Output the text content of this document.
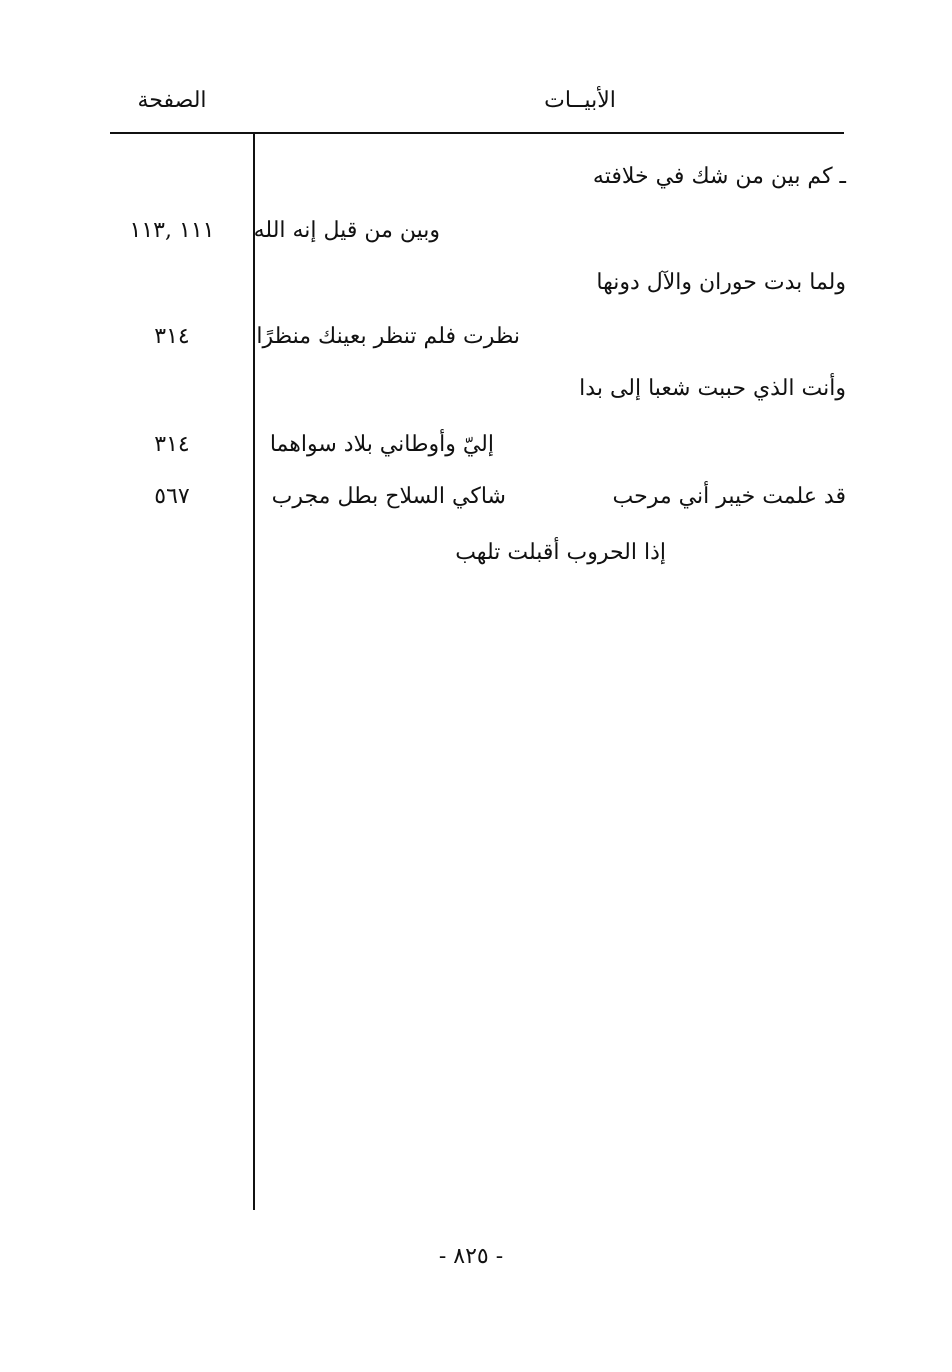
الأبيــات
الصفحة
ـ كم بين من شك في خلافته
وبين من قيل إنه الله
١١١ ,١١٣
ولما بدت حوران والآل دونها
نظرت فلم تنظر بعينك منظرًا
٣١٤
وأنت الذي حببت شعبا إلى بدا
إليّ وأوطاني بلاد سواهما
٣١٤
قد علمت خيبر أني مرحب
شاكي السلاح بطل مجرب
٥٦٧
إذا الحروب أقبلت تلهب
- ٨٢٥ -
